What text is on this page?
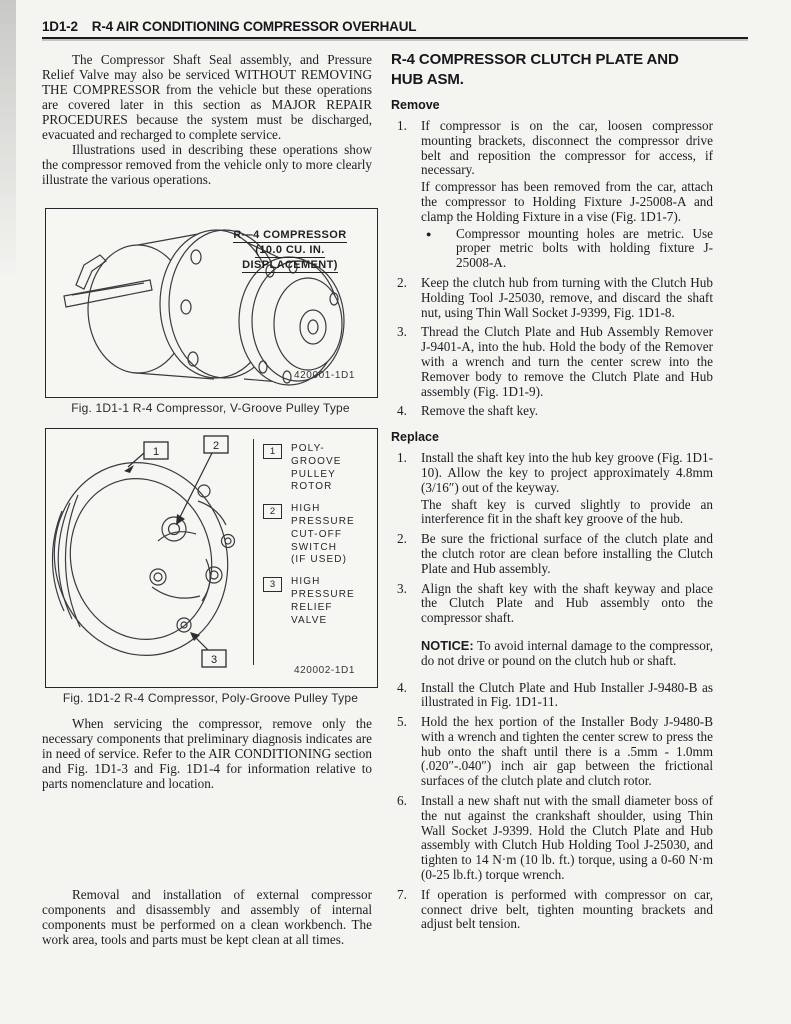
1D1-2 R-4 AIR CONDITIONING COMPRESSOR OVERHAUL

The Compressor Shaft Seal assembly, and Pressure Relief Valve may also be serviced WITHOUT REMOVING THE COMPRESSOR from the vehicle but these operations are covered later in this section as MAJOR REPAIR PROCEDURES because the system must be discharged, evacuated and recharged to complete service.

Illustrations used in describing these operations show the compressor removed from the vehicle only to more clearly illustrate the various operations.

R—4 COMPRESSOR
(10.0 CU. IN.
DISPLACEMENT)
420001-1D1
Fig. 1D1-1 R-4 Compressor, V-Groove Pulley Type
1	2
3
1	POLY-
GROOVE
PULLEY
ROTOR
2	HIGH
PRESSURE
CUT-OFF
SWITCH
(IF USED)
3	HIGH
PRESSURE
RELIEF
VALVE
420002-1D1
Fig. 1D1-2 R-4 Compressor, Poly-Groove Pulley Type

When servicing the compressor, remove only the necessary components that preliminary diagnosis indicates are in need of service. Refer to the AIR CONDITIONING section and Fig. 1D1-3 and Fig. 1D1-4 for information relative to parts nomenclature and location.

Removal and installation of external compressor components and disassembly and assembly of internal components must be performed on a clean workbench. The work area, tools and parts must be kept clean at all times.

R-4 COMPRESSOR CLUTCH PLATE AND HUB ASM.
Remove
1.	If compressor is on the car, loosen compressor mounting brackets, disconnect the compressor drive belt and reposition the compressor for access, if necessary.

If compressor has been removed from the car, attach the compressor to Holding Fixture J-25008-A and clamp the Holding Fixture in a vise (Fig. 1D1-7).

●	Compressor mounting holes are metric. Use proper metric bolts with holding fixture J-25008-A.
2.	Keep the clutch hub from turning with the Clutch Hub Holding Tool J-25030, remove, and discard the shaft nut, using Thin Wall Socket J-9399, Fig. 1D1-8.

3.	Thread the Clutch Plate and Hub Assembly Remover J-9401-A, into the hub. Hold the body of the Remover with a wrench and turn the center screw into the Remover body to remove the Clutch Plate and Hub assembly (Fig. 1D1-9).

4.	Remove the shaft key.

Replace
1.	Install the shaft key into the hub key groove (Fig. 1D1-10). Allow the key to project approximately 4.8mm (3/16″) out of the keyway.

The shaft key is curved slightly to provide an interference fit in the shaft key groove of the hub.

2.	Be sure the frictional surface of the clutch plate and the clutch rotor are clean before installing the Clutch Plate and Hub assembly.

3.	Align the shaft key with the shaft keyway and place the Clutch Plate and Hub assembly onto the compressor shaft.

NOTICE: To avoid internal damage to the compressor, do not drive or pound on the clutch hub or shaft.

4.	Install the Clutch Plate and Hub Installer J-9480-B as illustrated in Fig. 1D1-11.

5.	Hold the hex portion of the Installer Body J-9480-B with a wrench and tighten the center screw to press the hub onto the shaft until there is a .5mm - 1.0mm (.020″-.040″) inch air gap between the frictional surfaces of the clutch plate and clutch rotor.

6.	Install a new shaft nut with the small diameter boss of the nut against the crankshaft shoulder, using Thin Wall Socket J-9399. Hold the Clutch Plate and Hub assembly with Clutch Hub Holding Tool J-25030, and tighten to 14 N·m (10 lb. ft.) torque, using a 0-60 N·m (0-25 lb.ft.) torque wrench.

7.	If operation is performed with compressor on car, connect drive belt, tighten mounting brackets and adjust belt tension.
